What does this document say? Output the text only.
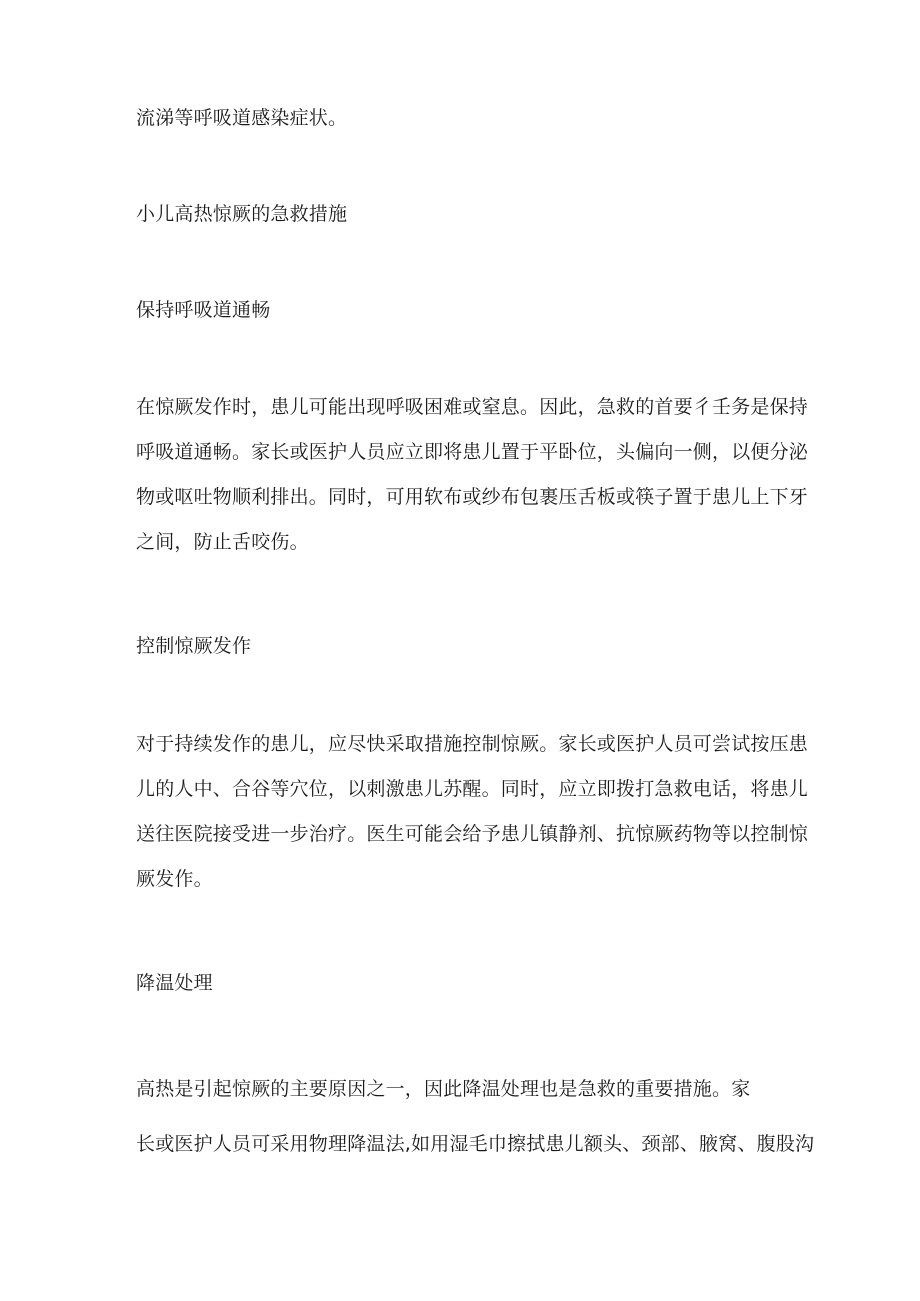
流涕等呼吸道感染症状。
小儿高热惊厥的急救措施
保持呼吸道通畅
在惊厥发作时，患儿可能出现呼吸困难或窒息。因此，急救的首要彳壬务是保持
呼吸道通畅。家长或医护人员应立即将患儿置于平卧位，头偏向一侧，以便分泌
物或呕吐物顺利排出。同时，可用软布或纱布包裹压舌板或筷子置于患儿上下牙
之间，防止舌咬伤。
控制惊厥发作
对于持续发作的患儿，应尽快采取措施控制惊厥。家长或医护人员可尝试按压患
儿的人中、合谷等穴位，以刺激患儿苏醒。同时，应立即拨打急救电话，将患儿
送往医院接受进一步治疗。医生可能会给予患儿镇静剂、抗惊厥药物等以控制惊
厥发作。
降温处理
高热是引起惊厥的主要原因之一，因此降温处理也是急救的重要措施。家
长或医护人员可采用物理降温法,如用湿毛巾擦拭患儿额头、颈部、腋窝、腹股沟
